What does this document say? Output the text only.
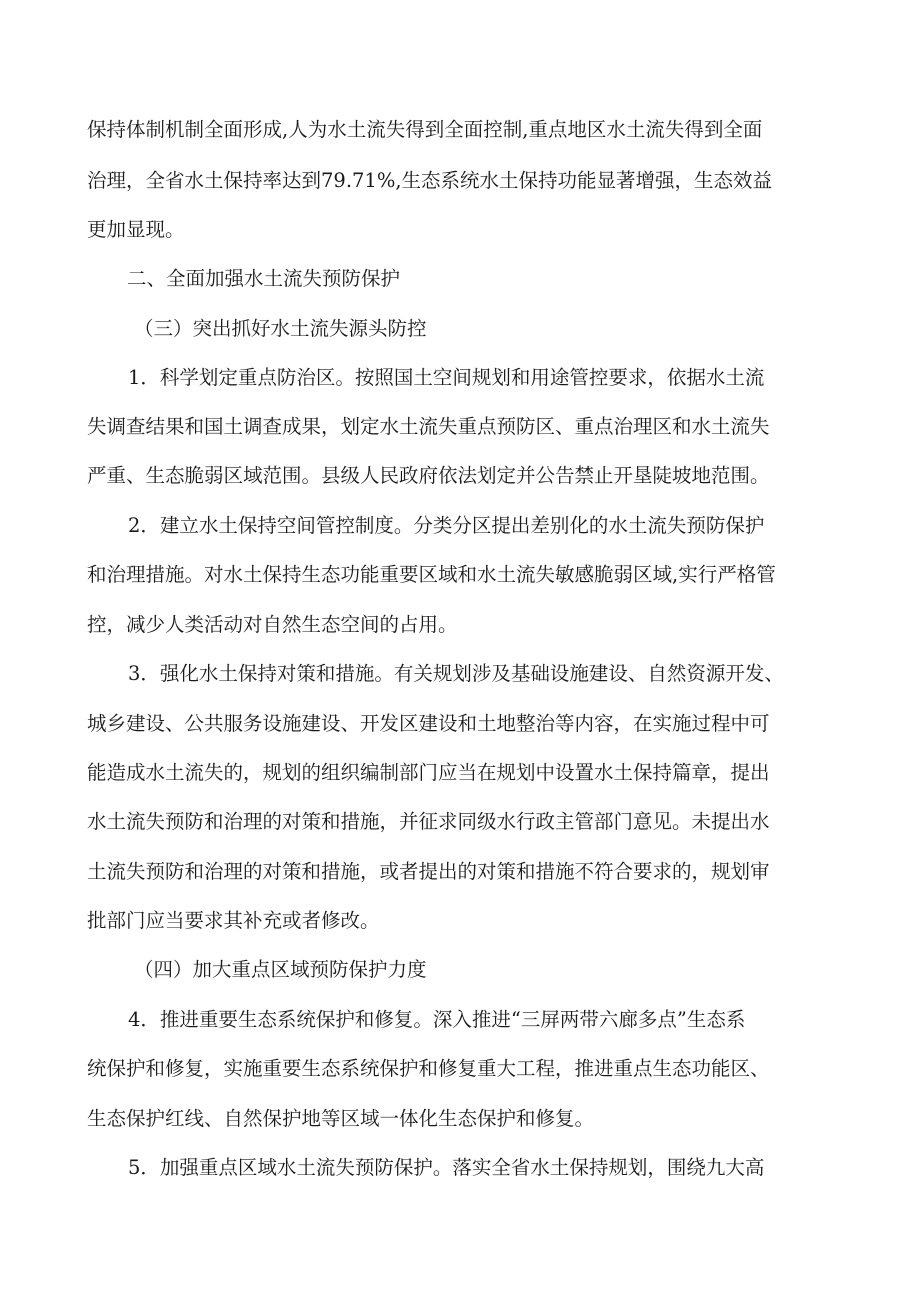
保持体制机制全面形成,人为水土流失得到全面控制,重点地区水土流失得到全面
治理，全省水土保持率达到79.71%,生态系统水土保持功能显著增强，生态效益
更加显现。
二、全面加强水土流失预防保护
（三）突出抓好水土流失源头防控
1．科学划定重点防治区。按照国土空间规划和用途管控要求，依据水土流
失调查结果和国土调查成果，划定水土流失重点预防区、重点治理区和水土流失
严重、生态脆弱区域范围。县级人民政府依法划定并公告禁止开垦陡坡地范围。
2．建立水土保持空间管控制度。分类分区提出差别化的水土流失预防保护
和治理措施。对水土保持生态功能重要区域和水土流失敏感脆弱区域,实行严格管
控，减少人类活动对自然生态空间的占用。
3．强化水土保持对策和措施。有关规划涉及基础设施建设、自然资源开发、
城乡建设、公共服务设施建设、开发区建设和土地整治等内容，在实施过程中可
能造成水土流失的，规划的组织编制部门应当在规划中设置水土保持篇章，提出
水土流失预防和治理的对策和措施，并征求同级水行政主管部门意见。未提出水
土流失预防和治理的对策和措施，或者提出的对策和措施不符合要求的，规划审
批部门应当要求其补充或者修改。
（四）加大重点区域预防保护力度
4．推进重要生态系统保护和修复。深入推进“三屏两带六廊多点”生态系
统保护和修复，实施重要生态系统保护和修复重大工程，推进重点生态功能区、
生态保护红线、自然保护地等区域一体化生态保护和修复。
5．加强重点区域水土流失预防保护。落实全省水土保持规划，围绕九大高
